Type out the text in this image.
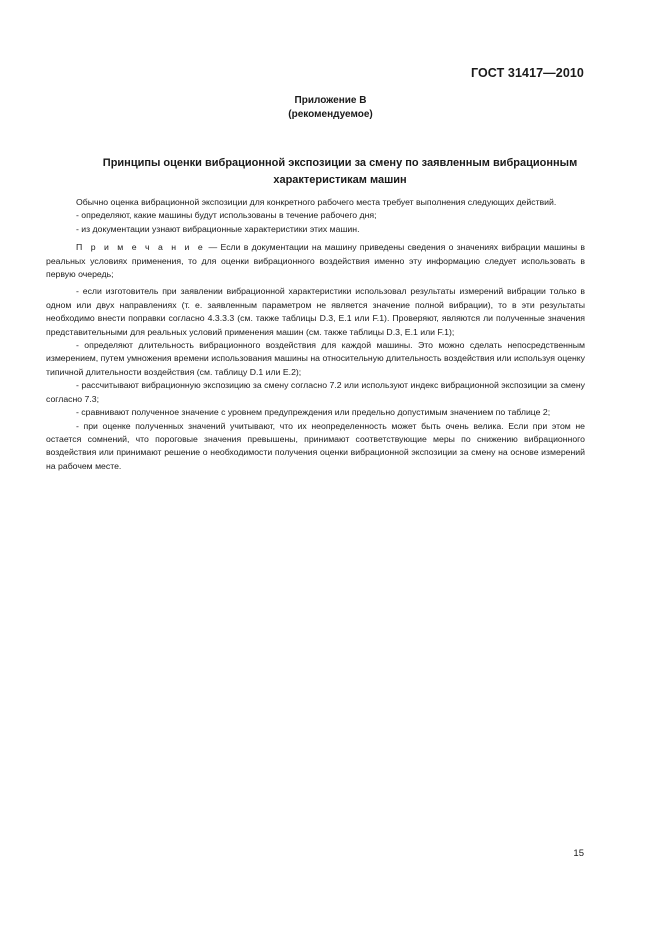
ГОСТ 31417—2010
Приложение B
(рекомендуемое)
Принципы оценки вибрационной экспозиции за смену по заявленным вибрационным
характеристикам машин

Обычно оценка вибрационной экспозиции для конкретного рабочего места требует выполнения следующих действий.

- определяют, какие машины будут использованы в течение рабочего дня;

- из документации узнают вибрационные характеристики этих машин.

П р и м е ч а н и е — Если в документации на машину приведены сведения о значениях вибрации машины в реальных условиях применения, то для оценки вибрационного воздействия именно эту информацию следует использовать в первую очередь;

- если изготовитель при заявлении вибрационной характеристики использовал результаты измерений вибрации только в одном или двух направлениях (т. е. заявленным параметром не является значение полной вибрации), то в эти результаты необходимо внести поправки согласно 4.3.3.3 (см. также таблицы D.3, E.1 или F.1). Проверяют, являются ли полученные значения представительными для реальных условий применения машин (см. также таблицы D.3, E.1 или F.1);

- определяют длительность вибрационного воздействия для каждой машины. Это можно сделать непосредственным измерением, путем умножения времени использования машины на относительную длительность воздействия или используя оценку типичной длительности воздействия (см. таблицу D.1 или E.2);

- рассчитывают вибрационную экспозицию за смену согласно 7.2 или используют индекс вибрационной экспозиции за смену согласно 7.3;

- сравнивают полученное значение с уровнем предупреждения или предельно допустимым значением по таблице 2;

- при оценке полученных значений учитывают, что их неопределенность может быть очень велика. Если при этом не остается сомнений, что пороговые значения превышены, принимают соответствующие меры по снижению вибрационного воздействия или принимают решение о необходимости получения оценки вибрационной экспозиции за смену на основе измерений на рабочем месте.

15
